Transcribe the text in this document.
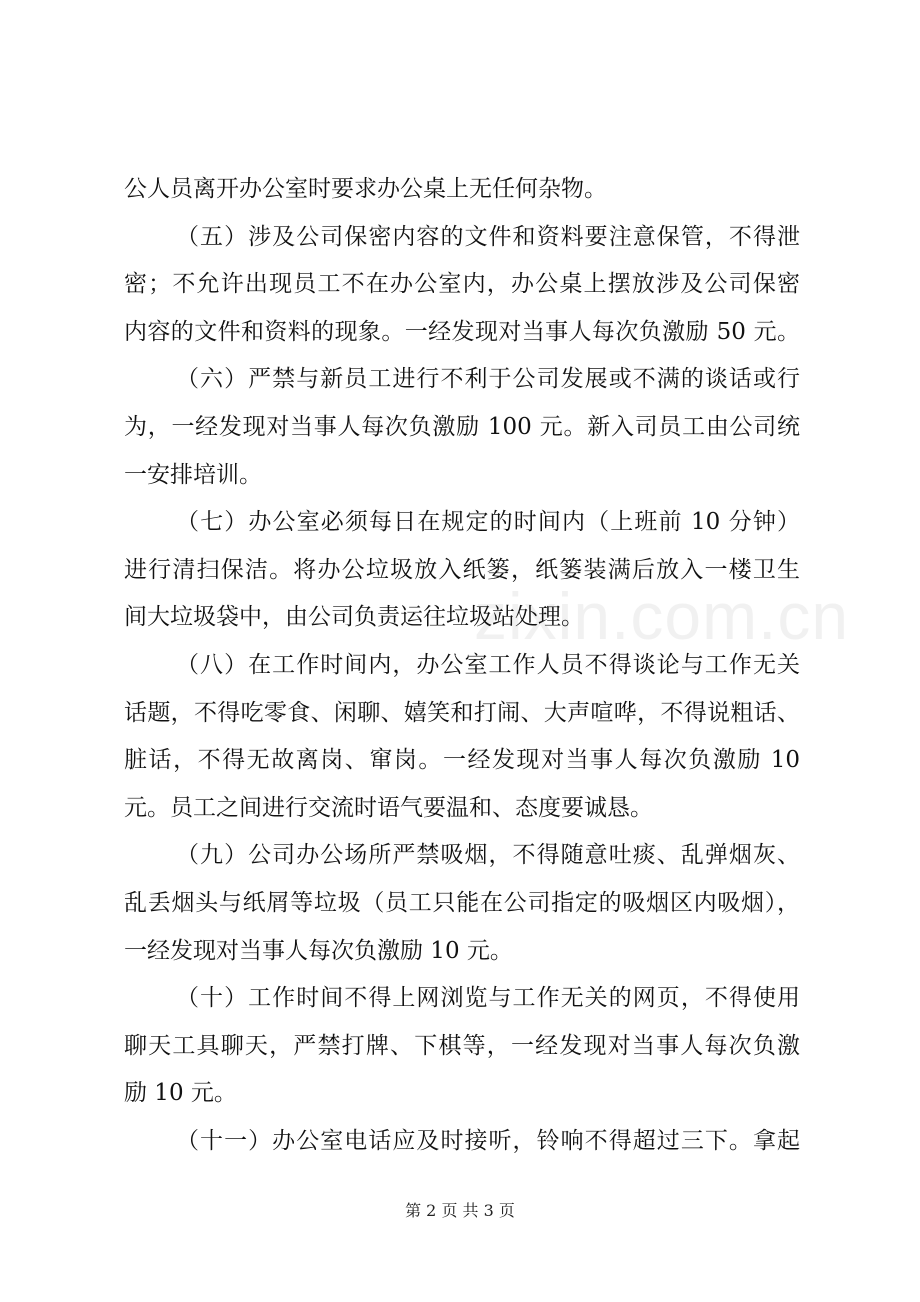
zixin.com.cn
公人员离开办公室时要求办公桌上无任何杂物。
（五）涉及公司保密内容的文件和资料要注意保管，不得泄
密；不允许出现员工不在办公室内，办公桌上摆放涉及公司保密
内容的文件和资料的现象。一经发现对当事人每次负激励 50 元。
（六）严禁与新员工进行不利于公司发展或不满的谈话或行
为，一经发现对当事人每次负激励 100 元。新入司员工由公司统
一安排培训。
（七）办公室必须每日在规定的时间内（上班前 10 分钟）
进行清扫保洁。将办公垃圾放入纸篓，纸篓装满后放入一楼卫生
间大垃圾袋中，由公司负责运往垃圾站处理。
（八）在工作时间内，办公室工作人员不得谈论与工作无关
话题，不得吃零食、闲聊、嬉笑和打闹、大声喧哗，不得说粗话、
脏话，不得无故离岗、窜岗。一经发现对当事人每次负激励 10
元。员工之间进行交流时语气要温和、态度要诚恳。
（九）公司办公场所严禁吸烟，不得随意吐痰、乱弹烟灰、
乱丢烟头与纸屑等垃圾（员工只能在公司指定的吸烟区内吸烟），
一经发现对当事人每次负激励 10 元。
（十）工作时间不得上网浏览与工作无关的网页，不得使用
聊天工具聊天，严禁打牌、下棋等，一经发现对当事人每次负激
励 10 元。
（十一）办公室电话应及时接听，铃响不得超过三下。拿起
第 2 页 共 3 页
